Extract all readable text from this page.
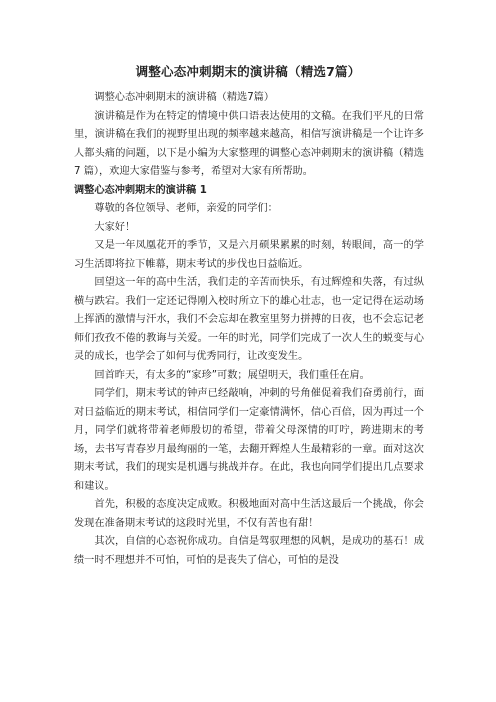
调整心态冲刺期末的演讲稿（精选7篇）

调整心态冲刺期末的演讲稿（精选7篇）

演讲稿是作为在特定的情境中供口语表达使用的文稿。在我们平凡的日常里，演讲稿在我们的视野里出现的频率越来越高，相信写演讲稿是一个让许多人都头痛的问题，以下是小编为大家整理的调整心态冲刺期末的演讲稿（精选 7 篇），欢迎大家借鉴与参考，希望对大家有所帮助。

调整心态冲刺期末的演讲稿 1

尊敬的各位领导、老师，亲爱的同学们：

大家好！

又是一年凤凰花开的季节，又是六月硕果累累的时刻，转眼间，高一的学习生活即将拉下帷幕，期末考试的步伐也日益临近。

回望这一年的高中生活，我们走的辛苦而快乐，有过辉煌和失落，有过纵横与跌宕。我们一定还记得刚入校时所立下的雄心壮志，也一定记得在运动场上挥洒的激情与汗水，我们不会忘却在教室里努力拼搏的日夜，也不会忘记老师们孜孜不倦的教诲与关爱。一年的时光，同学们完成了一次人生的蜕变与心灵的成长，也学会了如何与优秀同行，让改变发生。

回首昨天，有太多的“家珍”可数；展望明天，我们重任在肩。

同学们，期末考试的钟声已经敲响，冲刺的号角催促着我们奋勇前行，面对日益临近的期末考试，相信同学们一定豪情满怀，信心百倍，因为再过一个月，同学们就将带着老师殷切的希望，带着父母深情的叮咛，跨进期末的考场，去书写青春岁月最绚丽的一笔，去翻开辉煌人生最精彩的一章。面对这次期末考试，我们的现实是机遇与挑战并存。在此，我也向同学们提出几点要求和建议。

首先，积极的态度决定成败。积极地面对高中生活这最后一个挑战，你会发现在准备期末考试的这段时光里，不仅有苦也有甜！

其次，自信的心态祝你成功。自信是驾驭理想的风帆，是成功的基石！成绩一时不理想并不可怕，可怕的是丧失了信心，可怕的是没
